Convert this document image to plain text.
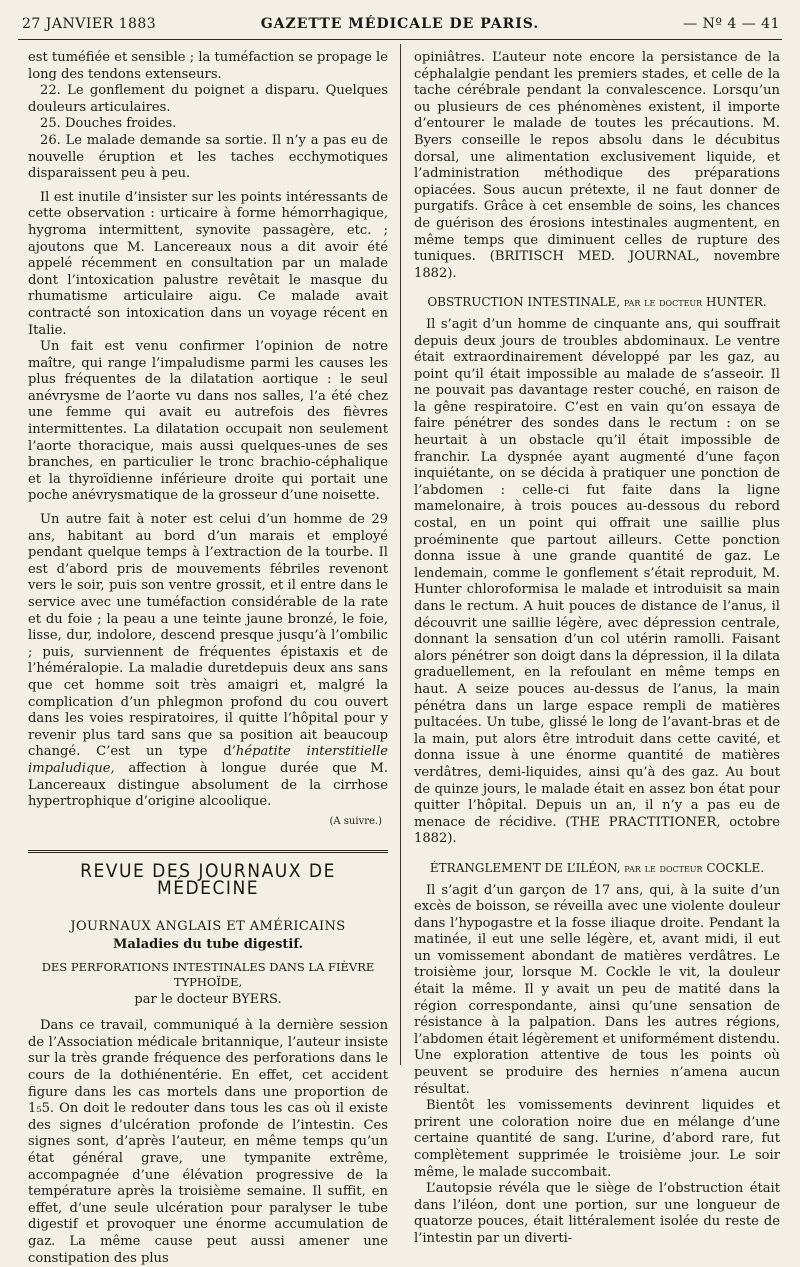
27 JANVIER 1883	GAZETTE MÉDICALE DE PARIS.	— Nº 4 — 41

est tuméfiée et sensible ; la tuméfaction se propage le long des tendons extenseurs.

22. Le gonflement du poignet a disparu. Quelques douleurs articulaires.

25. Douches froides.

26. Le malade demande sa sortie. Il n’y a pas eu de nouvelle éruption et les taches ecchymotiques disparaissent peu à peu.

Il est inutile d’insister sur les points intéressants de cette observation : urticaire à forme hémorrhagique, hygroma intermittent, synovite passagère, etc. ; ajoutons que M. Lancereaux nous a dit avoir été appelé récemment en consultation par un malade dont l’intoxication palustre revêtait le masque du rhumatisme articulaire aigu. Ce malade avait contracté son intoxication dans un voyage récent en Italie.

Un fait est venu confirmer l’opinion de notre maître, qui range l’impaludisme parmi les causes les plus fréquentes de la dilatation aortique : le seul anévrysme de l’aorte vu dans nos salles, l’a été chez une femme qui avait eu autrefois des fièvres intermittentes. La dilatation occupait non seulement l’aorte thoracique, mais aussi quelques-unes de ses branches, en particulier le tronc brachio-céphalique et la thyroïdienne inférieure droite qui portait une poche anévrysmatique de la grosseur d’une noisette.

Un autre fait à noter est celui d’un homme de 29 ans, habitant au bord d’un marais et employé pendant quelque temps à l’extraction de la tourbe. Il est d’abord pris de mouvements fébriles revenont vers le soir, puis son ventre grossit, et il entre dans le service avec une tuméfaction considérable de la rate et du foie ; la peau a une teinte jaune bronzé, le foie, lisse, dur, indolore, descend presque jusqu’à l’ombilic ; puis, surviennent de fréquentes épistaxis et de l’héméralopie. La maladie duretdepuis deux ans sans que cet homme soit très amaigri et, malgré la complication d’un phlegmon profond du cou ouvert dans les voies respiratoires, il quitte l’hôpital pour y revenir plus tard sans que sa position ait beaucoup changé. C’est un type d’hépatite interstitielle impaludique, affection à longue durée que M. Lancereaux distingue absolument de la cirrhose hypertrophique d’origine alcoolique.

(A suivre.)
REVUE DES JOURNAUX DE MÉDECINE
JOURNAUX ANGLAIS ET AMÉRICAINS
Maladies du tube digestif.
DES PERFORATIONS INTESTINALES DANS LA FIÈVRE TYPHOÏDE,
par le docteur BYERS.

Dans ce travail, communiqué à la dernière session de l’Association médicale britannique, l’auteur insiste sur la très grande fréquence des perforations dans le cours de la dothiénentérie. En effet, cet accident figure dans les cas mortels dans une proportion de 1₅5. On doit le redouter dans tous les cas où il existe des signes d’ulcération profonde de l’intestin. Ces signes sont, d’après l’auteur, en même temps qu’un état général grave, une tympanite extrême, accompagnée d’une élévation progressive de la température après la troisième semaine. Il suffit, en effet, d’une seule ulcération pour paralyser le tube digestif et provoquer une énorme accumulation de gaz. La même cause peut aussi amener une constipation des plus

opiniâtres. L’auteur note encore la persistance de la céphalalgie pendant les premiers stades, et celle de la tache cérébrale pendant la convalescence. Lorsqu’un ou plusieurs de ces phénomènes existent, il importe d’entourer le malade de toutes les précautions. M. Byers conseille le repos absolu dans le décubitus dorsal, une alimentation exclusivement liquide, et l’administration méthodique des préparations opiacées. Sous aucun prétexte, il ne faut donner de purgatifs. Grâce à cet ensemble de soins, les chances de guérison des érosions intestinales augmentent, en même temps que diminuent celles de rupture des tuniques. (BRITISCH MED. JOURNAL, novembre 1882).

OBSTRUCTION INTESTINALE, par le docteur HUNTER.

Il s’agit d’un homme de cinquante ans, qui souffrait depuis deux jours de troubles abdominaux. Le ventre était extraordinairement développé par les gaz, au point qu’il était impossible au malade de s’asseoir. Il ne pouvait pas davantage rester couché, en raison de la gêne respiratoire. C’est en vain qu’on essaya de faire pénétrer des sondes dans le rectum : on se heurtait à un obstacle qu’il était impossible de franchir. La dyspnée ayant augmenté d’une façon inquiétante, on se décida à pratiquer une ponction de l’abdomen : celle-ci fut faite dans la ligne mamelonaire, à trois pouces au-dessous du rebord costal, en un point qui offrait une saillie plus proéminente que partout ailleurs. Cette ponction donna issue à une grande quantité de gaz. Le lendemain, comme le gonflement s’était reproduit, M. Hunter chloroformisa le malade et introduisit sa main dans le rectum. A huit pouces de distance de l’anus, il découvrit une saillie légère, avec dépression centrale, donnant la sensation d’un col utérin ramolli. Faisant alors pénétrer son doigt dans la dépression, il la dilata graduellement, en la refoulant en même temps en haut. A seize pouces au-dessus de l’anus, la main pénétra dans un large espace rempli de matières pultacées. Un tube, glissé le long de l’avant-bras et de la main, put alors être introduit dans cette cavité, et donna issue à une énorme quantité de matières verdâtres, demi-liquides, ainsi qu’à des gaz. Au bout de quinze jours, le malade était en assez bon état pour quitter l’hôpital. Depuis un an, il n’y a pas eu de menace de récidive. (THE PRACTITIONER, octobre 1882).

ÉTRANGLEMENT DE L’ILÉON, par le docteur COCKLE.

Il s’agit d’un garçon de 17 ans, qui, à la suite d’un excès de boisson, se réveilla avec une violente douleur dans l’hypogastre et la fosse iliaque droite. Pendant la matinée, il eut une selle légère, et, avant midi, il eut un vomissement abondant de matières verdâtres. Le troisième jour, lorsque M. Cockle le vit, la douleur était la même. Il y avait un peu de matité dans la région correspondante, ainsi qu’une sensation de résistance à la palpation. Dans les autres régions, l’abdomen était légèrement et uniformément distendu. Une exploration attentive de tous les points où peuvent se produire des hernies n’amena aucun résultat.

Bientôt les vomissements devinrent liquides et prirent une coloration noire due en mélange d’une certaine quantité de sang. L’urine, d’abord rare, fut complètement supprimée le troisième jour. Le soir même, le malade succombait.

L’autopsie révéla que le siège de l’obstruction était dans l’iléon, dont une portion, sur une longueur de quatorze pouces, était littéralement isolée du reste de l’intestin par un diverti-
